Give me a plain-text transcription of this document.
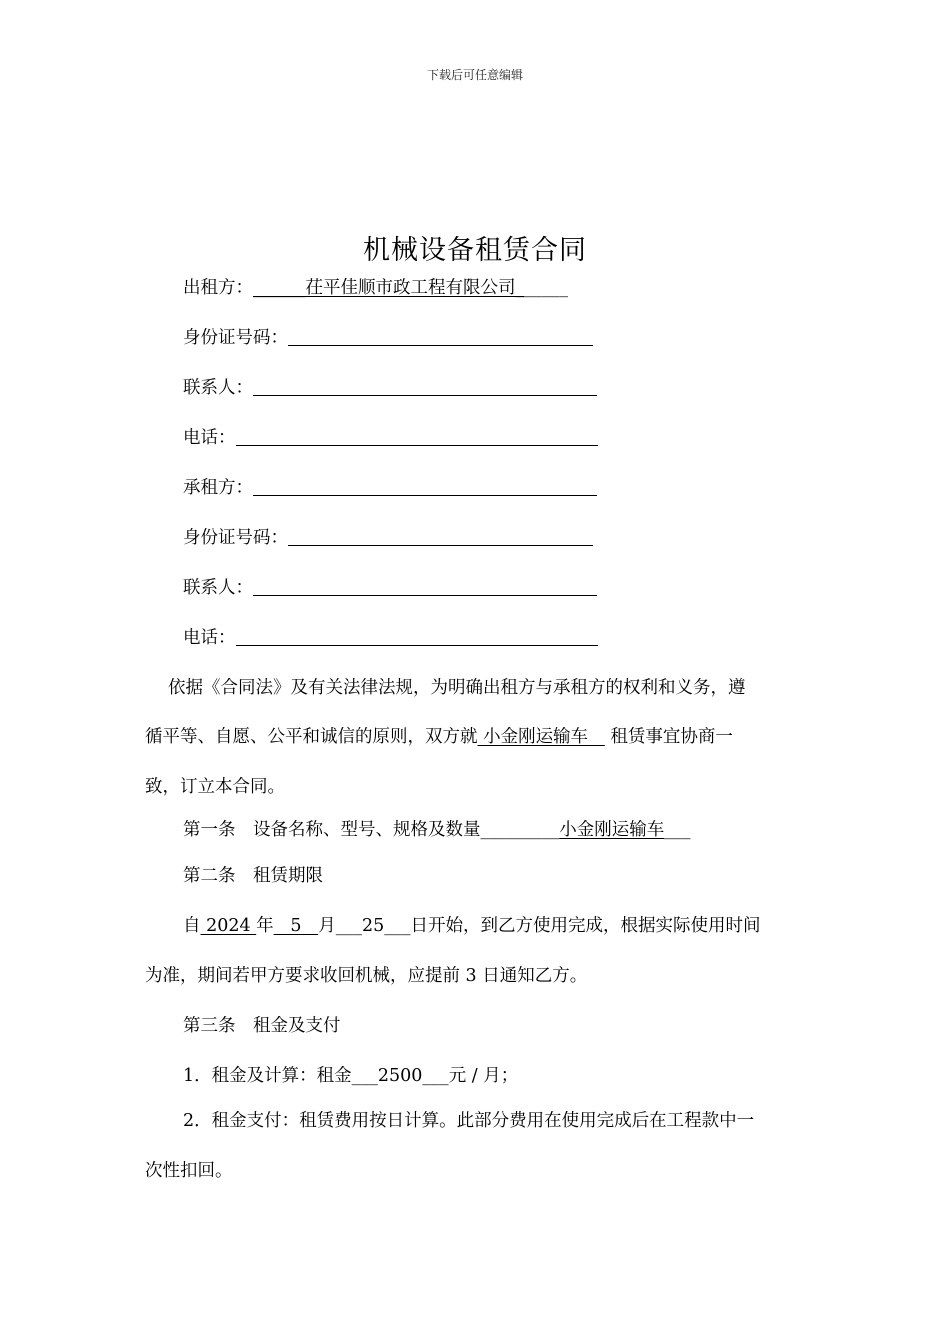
下载后可任意编辑
机械设备租赁合同
出租方：______茌平佳顺市政工程有限公司______
身份证号码：
联系人：
电话：
承租方：
身份证号码：
联系人：
电话：
依据《合同法》及有关法律法规，为明确出租方与承租方的权利和义务，遵
循平等、自愿、公平和诚信的原则，双方就 小金刚运输车    租赁事宜协商一
致，订立本合同。
第一条　设备名称、型号、规格及数量_________小金刚运输车___
第二条　租赁期限
自 2024 年   5   月___25___日开始，到乙方使用完成，根据实际使用时间
为准，期间若甲方要求收回机械，应提前 3 日通知乙方。
第三条　租金及支付
1．租金及计算：租金___2500___元 / 月；
2．租金支付：租赁费用按日计算。此部分费用在使用完成后在工程款中一
次性扣回。
